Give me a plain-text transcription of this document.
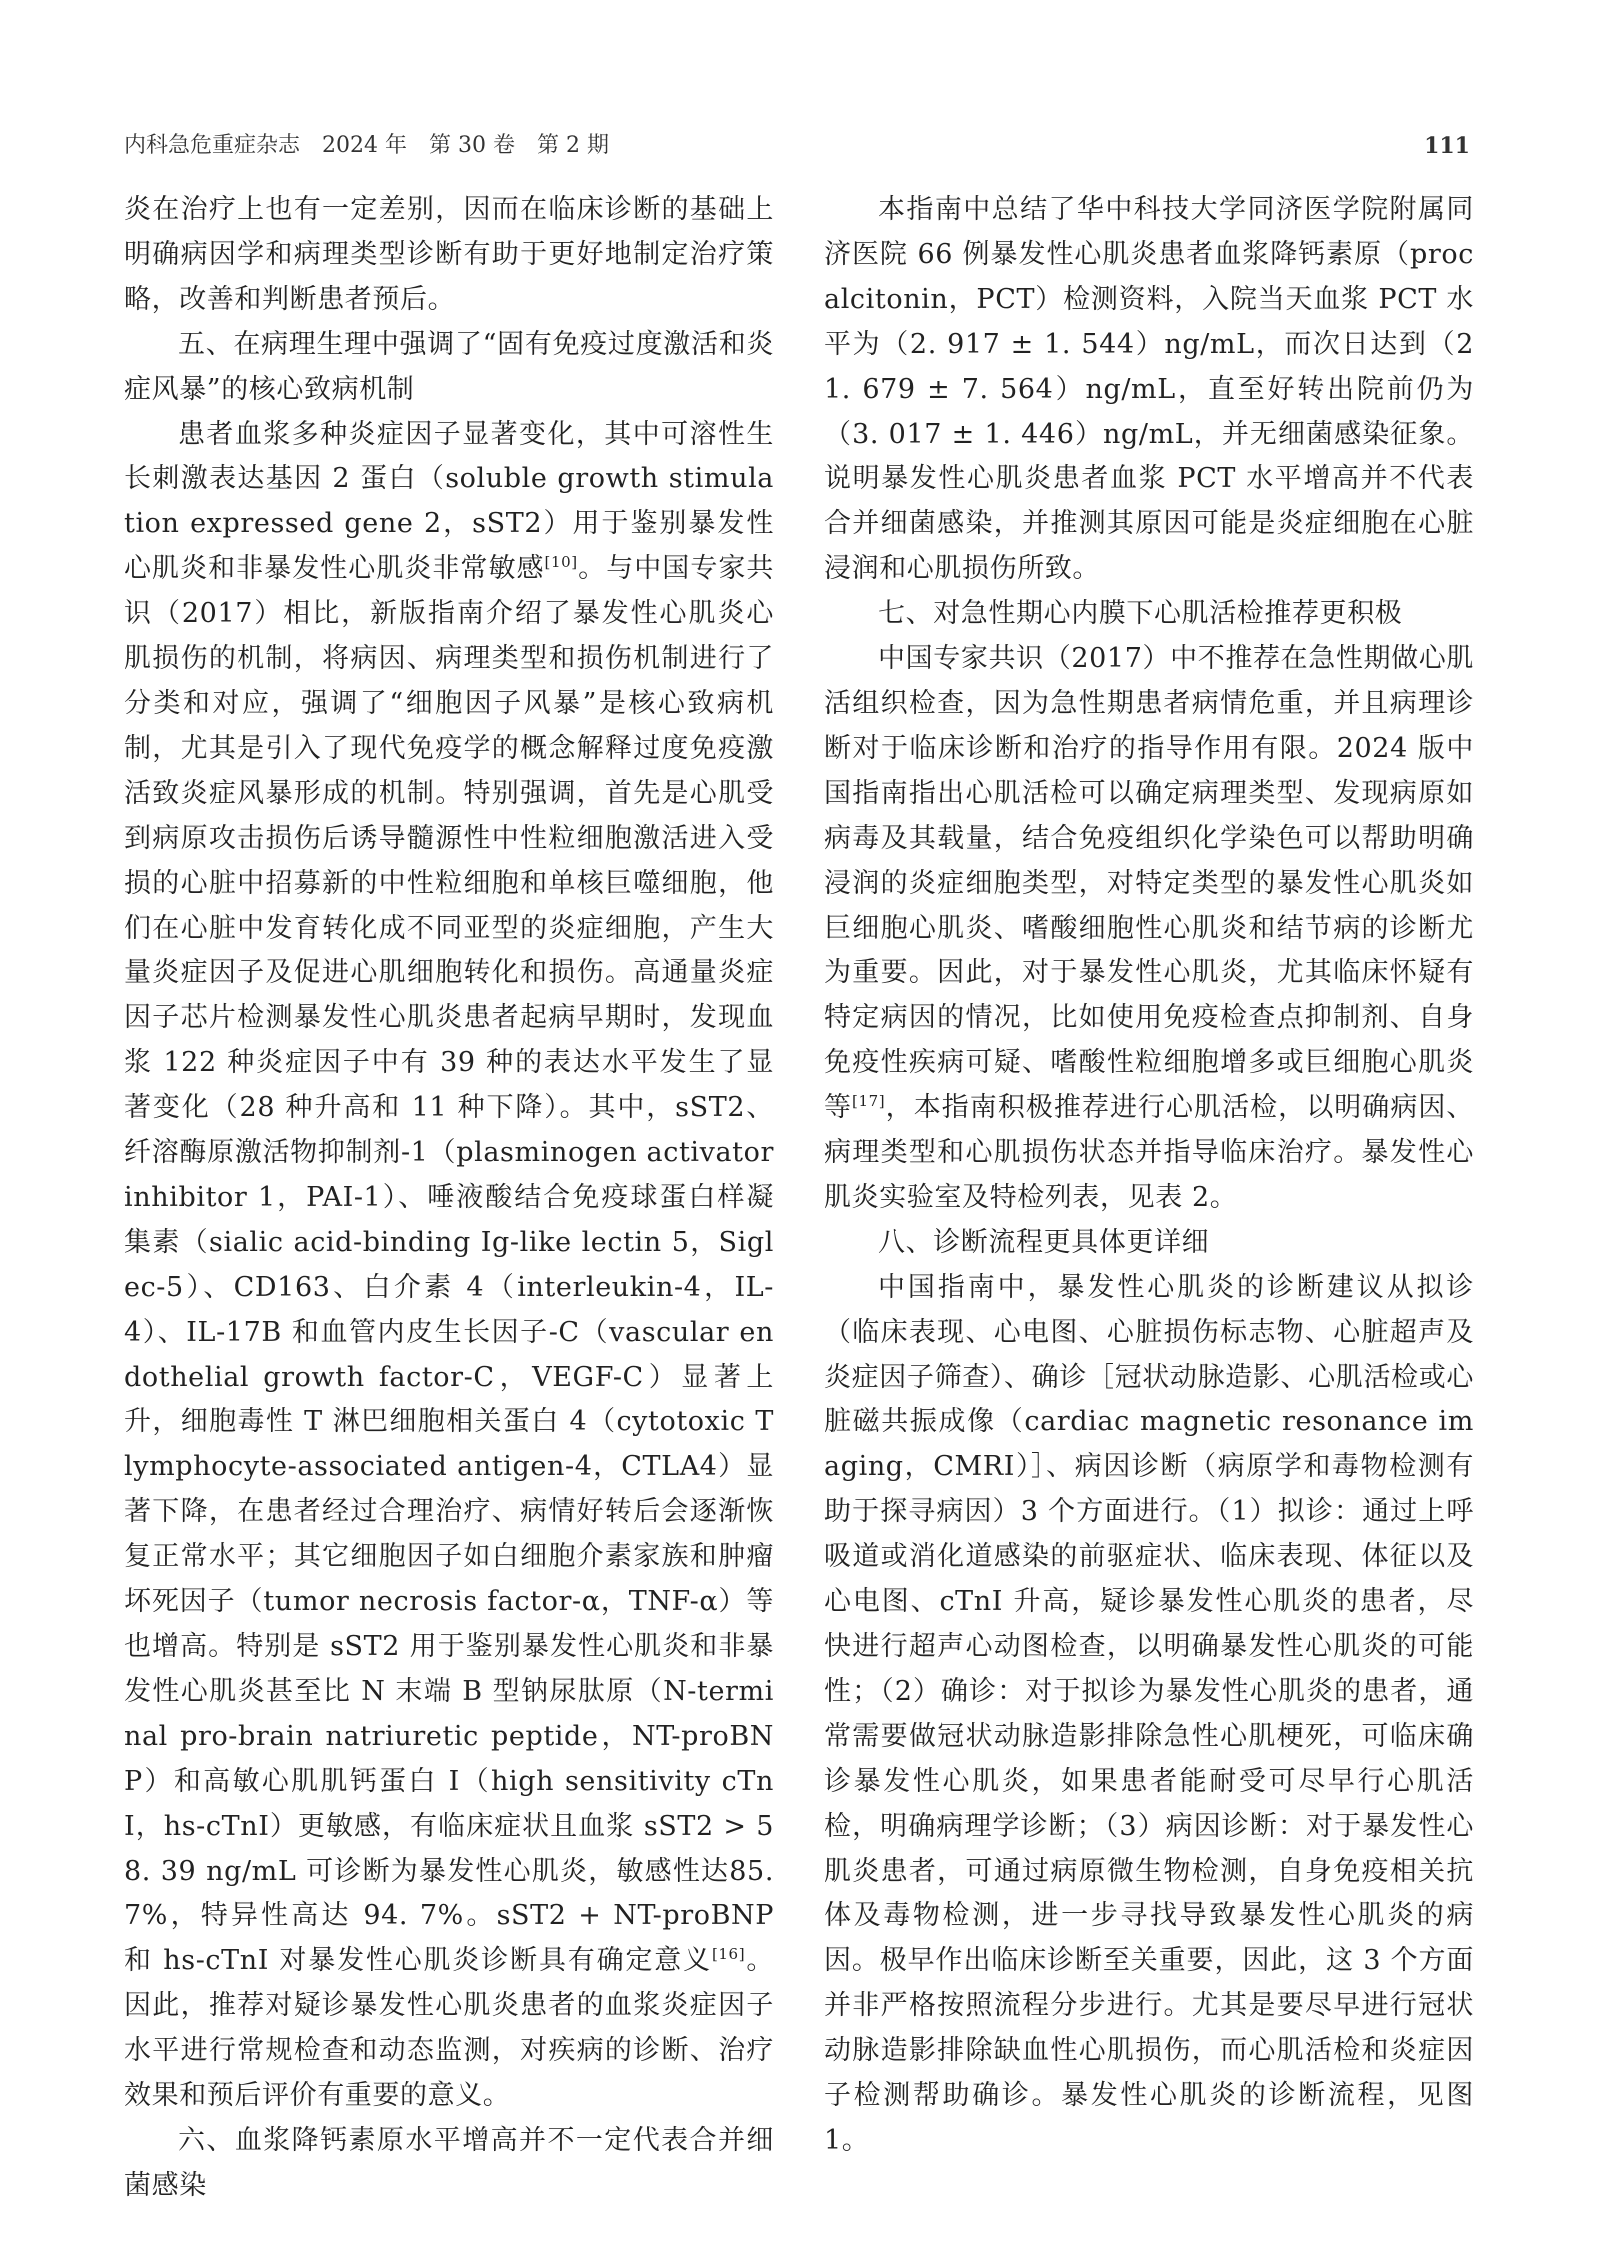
内科急危重症杂志　2024 年　第 30 卷　第 2 期	111

炎在治疗上也有一定差别，因而在临床诊断的基础上明确病因学和病理类型诊断有助于更好地制定治疗策略，改善和判断患者预后。

五、在病理生理中强调了“固有免疫过度激活和炎症风暴”的核心致病机制

患者血浆多种炎症因子显著变化，其中可溶性生长刺激表达基因 2 蛋白（soluble growth stimulation expressed gene 2，sST2）用于鉴别暴发性心肌炎和非暴发性心肌炎非常敏感[10]。与中国专家共识（2017）相比，新版指南介绍了暴发性心肌炎心肌损伤的机制，将病因、病理类型和损伤机制进行了分类和对应，强调了“细胞因子风暴”是核心致病机制，尤其是引入了现代免疫学的概念解释过度免疫激活致炎症风暴形成的机制。特别强调，首先是心肌受到病原攻击损伤后诱导髓源性中性粒细胞激活进入受损的心脏中招募新的中性粒细胞和单核巨噬细胞，他们在心脏中发育转化成不同亚型的炎症细胞，产生大量炎症因子及促进心肌细胞转化和损伤。高通量炎症因子芯片检测暴发性心肌炎患者起病早期时，发现血浆 122 种炎症因子中有 39 种的表达水平发生了显著变化（28 种升高和 11 种下降）。其中，sST2、纤溶酶原激活物抑制剂-1（plasminogen activator inhibitor 1，PAI-1）、唾液酸结合免疫球蛋白样凝集素（sialic acid-binding Ig-like lectin 5，Siglec-5）、CD163、白介素 4（interleukin-4，IL-4）、IL-17B 和血管内皮生长因子-C（vascular endothelial growth factor-C，VEGF-C）显著上升，细胞毒性 T 淋巴细胞相关蛋白 4（cytotoxic T lymphocyte-associated antigen-4，CTLA4）显著下降，在患者经过合理治疗、病情好转后会逐渐恢复正常水平；其它细胞因子如白细胞介素家族和肿瘤坏死因子（tumor necrosis factor-α，TNF-α）等也增高。特别是 sST2 用于鉴别暴发性心肌炎和非暴发性心肌炎甚至比 N 末端 B 型钠尿肽原（N-terminal pro-brain natriuretic peptide，NT-proBNP）和高敏心肌肌钙蛋白 I（high sensitivity cTnI，hs-cTnI）更敏感，有临床症状且血浆 sST2 > 58. 39 ng/mL 可诊断为暴发性心肌炎，敏感性达85. 7%，特异性高达 94. 7%。sST2 + NT-proBNP 和 hs-cTnI 对暴发性心肌炎诊断具有确定意义[16]。因此，推荐对疑诊暴发性心肌炎患者的血浆炎症因子水平进行常规检查和动态监测，对疾病的诊断、治疗效果和预后评价有重要的意义。

六、血浆降钙素原水平增高并不一定代表合并细菌感染

本指南中总结了华中科技大学同济医学院附属同济医院 66 例暴发性心肌炎患者血浆降钙素原（procalcitonin，PCT）检测资料，入院当天血浆 PCT 水平为（2. 917 ± 1. 544）ng/mL，而次日达到（21. 679 ± 7. 564）ng/mL，直至好转出院前仍为（3. 017 ± 1. 446）ng/mL，并无细菌感染征象。说明暴发性心肌炎患者血浆 PCT 水平增高并不代表合并细菌感染，并推测其原因可能是炎症细胞在心脏浸润和心肌损伤所致。

七、对急性期心内膜下心肌活检推荐更积极

中国专家共识（2017）中不推荐在急性期做心肌活组织检查，因为急性期患者病情危重，并且病理诊断对于临床诊断和治疗的指导作用有限。2024 版中国指南指出心肌活检可以确定病理类型、发现病原如病毒及其载量，结合免疫组织化学染色可以帮助明确浸润的炎症细胞类型，对特定类型的暴发性心肌炎如巨细胞心肌炎、嗜酸细胞性心肌炎和结节病的诊断尤为重要。因此，对于暴发性心肌炎，尤其临床怀疑有特定病因的情况，比如使用免疫检查点抑制剂、自身免疫性疾病可疑、嗜酸性粒细胞增多或巨细胞心肌炎等[17]，本指南积极推荐进行心肌活检，以明确病因、病理类型和心肌损伤状态并指导临床治疗。暴发性心肌炎实验室及特检列表，见表 2。

八、诊断流程更具体更详细

中国指南中，暴发性心肌炎的诊断建议从拟诊（临床表现、心电图、心脏损伤标志物、心脏超声及炎症因子筛查）、确诊［冠状动脉造影、心肌活检或心脏磁共振成像（cardiac magnetic resonance imaging，CMRI）］、病因诊断（病原学和毒物检测有助于探寻病因）3 个方面进行。（1）拟诊：通过上呼吸道或消化道感染的前驱症状、临床表现、体征以及心电图、cTnI 升高，疑诊暴发性心肌炎的患者，尽快进行超声心动图检查，以明确暴发性心肌炎的可能性；（2）确诊：对于拟诊为暴发性心肌炎的患者，通常需要做冠状动脉造影排除急性心肌梗死，可临床确诊暴发性心肌炎，如果患者能耐受可尽早行心肌活检，明确病理学诊断；（3）病因诊断：对于暴发性心肌炎患者，可通过病原微生物检测，自身免疫相关抗体及毒物检测，进一步寻找导致暴发性心肌炎的病因。极早作出临床诊断至关重要，因此，这 3 个方面并非严格按照流程分步进行。尤其是要尽早进行冠状动脉造影排除缺血性心肌损伤，而心肌活检和炎症因子检测帮助确诊。暴发性心肌炎的诊断流程，见图 1。
